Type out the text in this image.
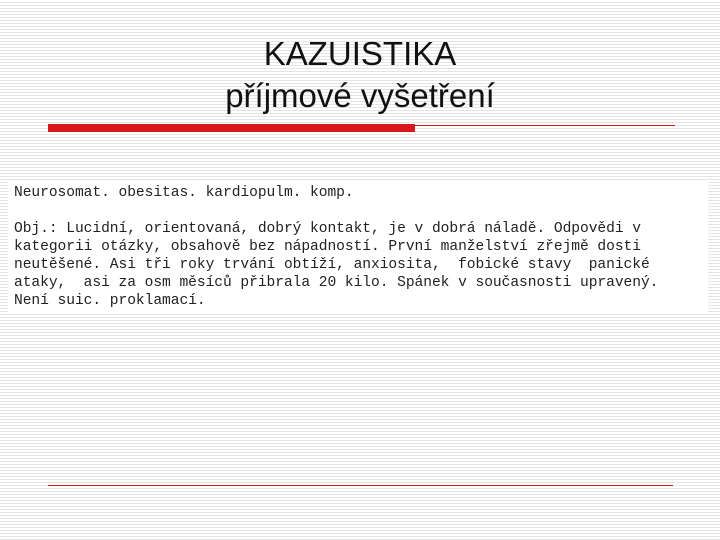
KAZUISTIKA
příjmové vyšetření
Neurosomat. obesitas. kardiopulm. komp.
Obj.: Lucidní, orientovaná, dobrý kontakt, je v dobrá náladě. Odpovědi v
kategorii otázky, obsahově bez nápadností. První manželství zřejmě dosti
neutěšené. Asi tři roky trvání obtíží, anxiosita,  fobické stavy  panické
ataky,  asi za osm měsíců přibrala 20 kilo. Spánek v současnosti upravený.
Není suic. proklamací.
